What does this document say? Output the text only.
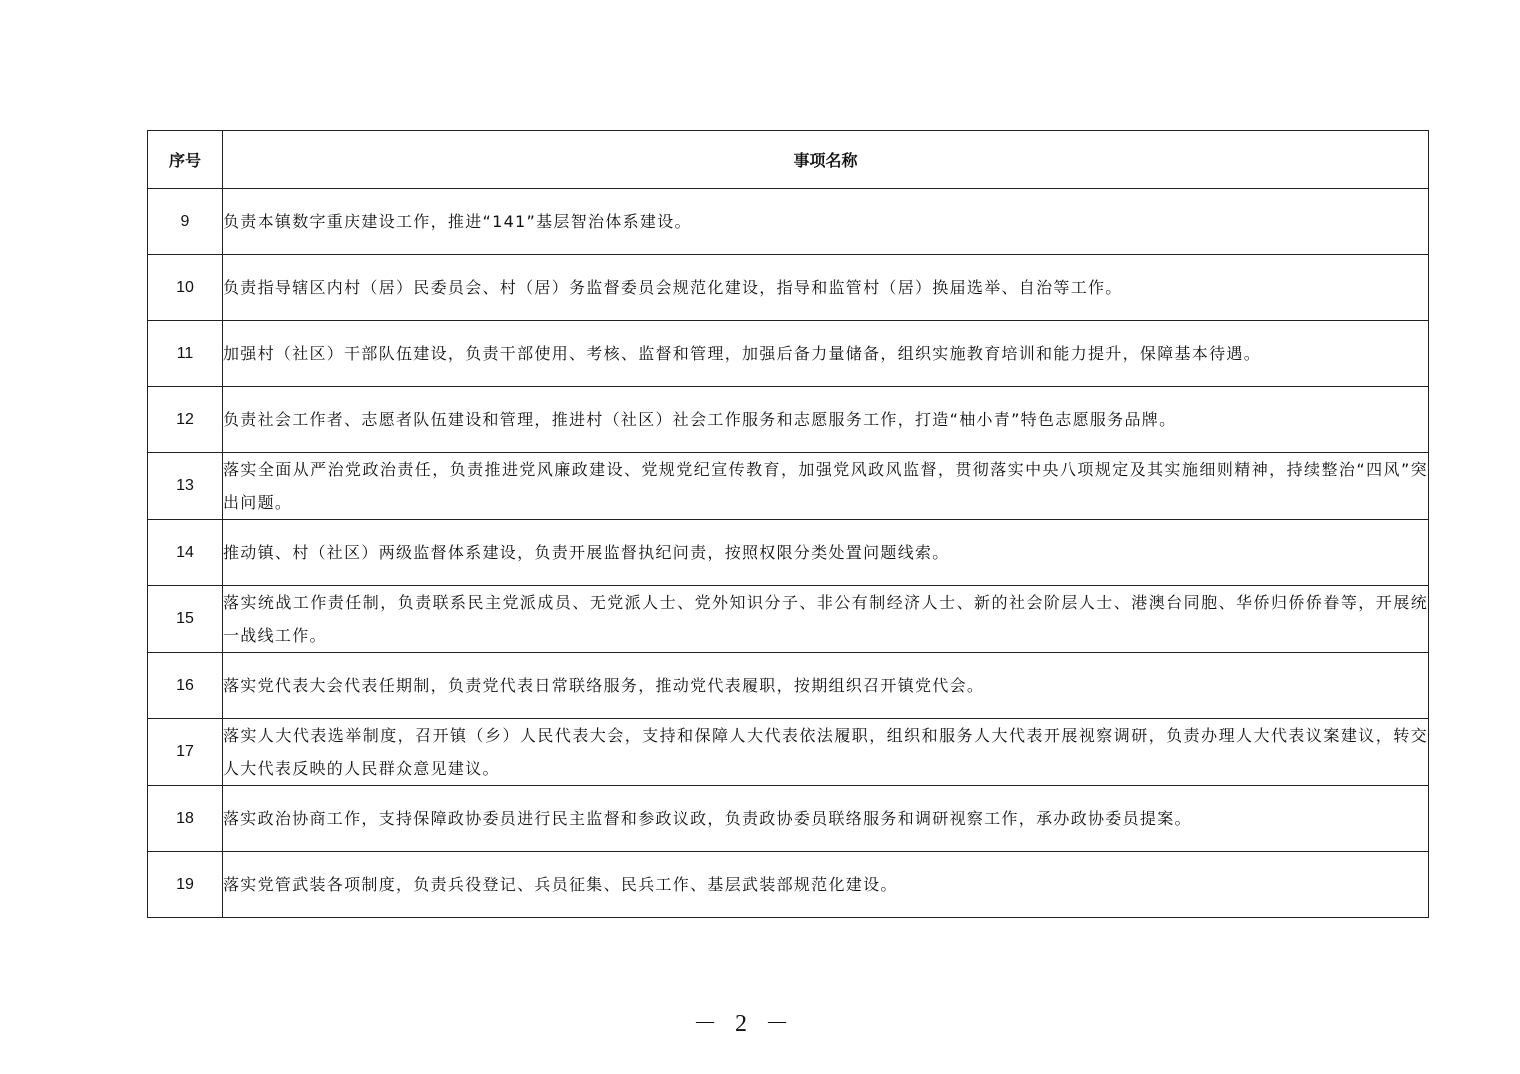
序号	事项名称
9	负责本镇数字重庆建设工作，推进“141”基层智治体系建设。
10	负责指导辖区内村（居）民委员会、村（居）务监督委员会规范化建设，指导和监管村（居）换届选举、自治等工作。
11	加强村（社区）干部队伍建设，负责干部使用、考核、监督和管理，加强后备力量储备，组织实施教育培训和能力提升，保障基本待遇。
12	负责社会工作者、志愿者队伍建设和管理，推进村（社区）社会工作服务和志愿服务工作，打造“柚小青”特色志愿服务品牌。
13	落实全面从严治党政治责任，负责推进党风廉政建设、党规党纪宣传教育，加强党风政风监督，贯彻落实中央八项规定及其实施细则精神，持续整治“四风”突出问题。
14	推动镇、村（社区）两级监督体系建设，负责开展监督执纪问责，按照权限分类处置问题线索。
15	落实统战工作责任制，负责联系民主党派成员、无党派人士、党外知识分子、非公有制经济人士、新的社会阶层人士、港澳台同胞、华侨归侨侨眷等，开展统一战线工作。
16	落实党代表大会代表任期制，负责党代表日常联络服务，推动党代表履职，按期组织召开镇党代会。
17	落实人大代表选举制度，召开镇（乡）人民代表大会，支持和保障人大代表依法履职，组织和服务人大代表开展视察调研，负责办理人大代表议案建议，转交人大代表反映的人民群众意见建议。
18	落实政治协商工作，支持保障政协委员进行民主监督和参政议政，负责政协委员联络服务和调研视察工作，承办政协委员提案。
19	落实党管武装各项制度，负责兵役登记、兵员征集、民兵工作、基层武装部规范化建设。
－ 2 －
